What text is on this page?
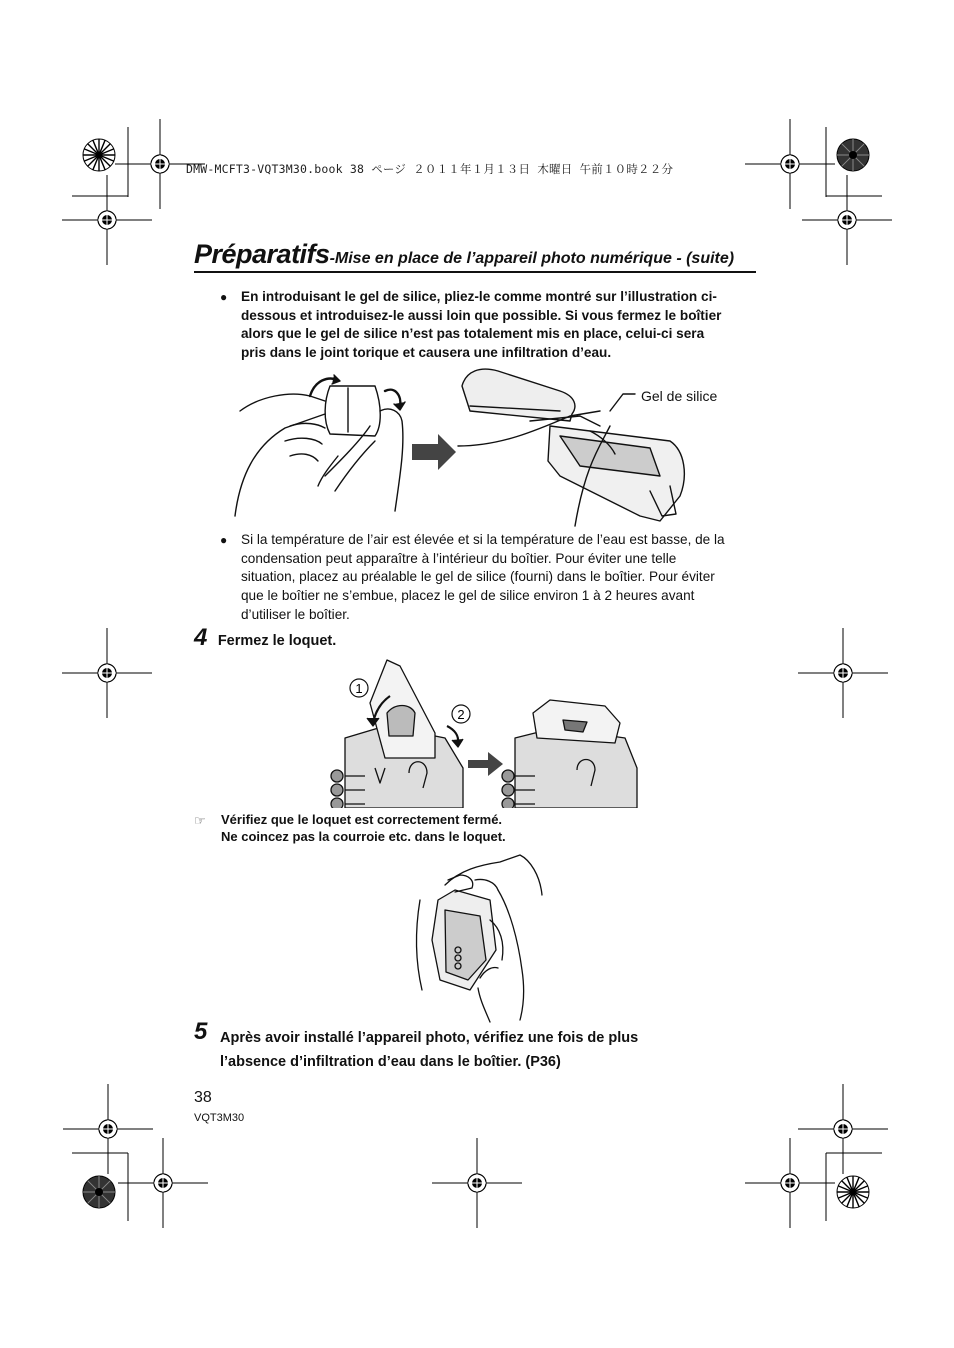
DMW-MCFT3-VQT3M30.book 38 ページ ２０１１年１月１３日 木曜日 午前１０時２２分
Préparatifs-Mise en place de l’appareil photo numérique - (suite)
●	En introduisant le gel de silice, pliez-le comme montré sur l’illustration ci-
dessous et introduisez-le aussi loin que possible. Si vous fermez le boîtier
alors que le gel de silice n’est pas totalement mis en place, celui-ci sera
pris dans le joint torique et causera une infiltration d’eau.
Gel de silice
●	Si la température de l’air est élevée et si la température de l’eau est basse, de la
condensation peut apparaître à l’intérieur du boîtier. Pour éviter une telle
situation, placez au préalable le gel de silice (fourni) dans le boîtier. Pour éviter
que le boîtier ne s’embue, placez le gel de silice environ 1 à 2 heures avant
d’utiliser le boîtier.
4 Fermez le loquet.
1
2
☞ Vérifiez que le loquet est correctement fermé.
Ne coincez pas la courroie etc. dans le loquet.
5 Après avoir installé l’appareil photo, vérifiez une fois de plus
l’absence d’infiltration d’eau dans le boîtier. (P36)
38
VQT3M30
